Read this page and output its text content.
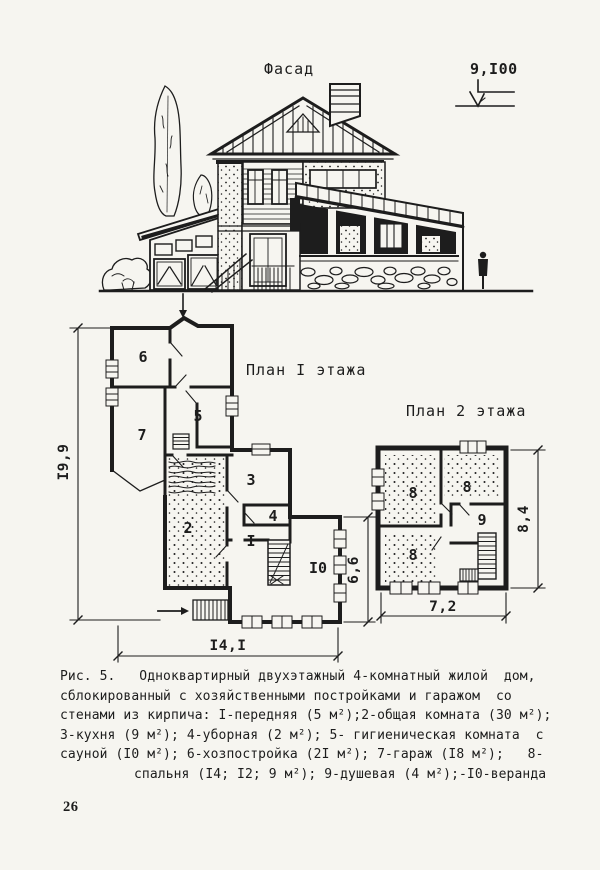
Фасад	9,I00
План I этажа
I9,9
I4,I
6,6
6
5
7
2
3
4
I
I0
План 2 этажа
8,4
7,2
8	8
9
8
Рис. 5.   Одноквартирный двухэтажный 4-комнатный жилой  дом,
сблокированный с хозяйственными постройками и гаражом  со
стенами из кирпича: I-передняя (5 м²);2-общая комната (30 м²);
3-кухня (9 м²); 4-уборная (2 м²); 5- гигиеническая комната  с
сауной (I0 м²); 6-хозпостройка (2I м²); 7-гараж (I8 м²);   8-
спальня (I4; I2; 9 м²); 9-душевая (4 м²);-I0-веранда
26
